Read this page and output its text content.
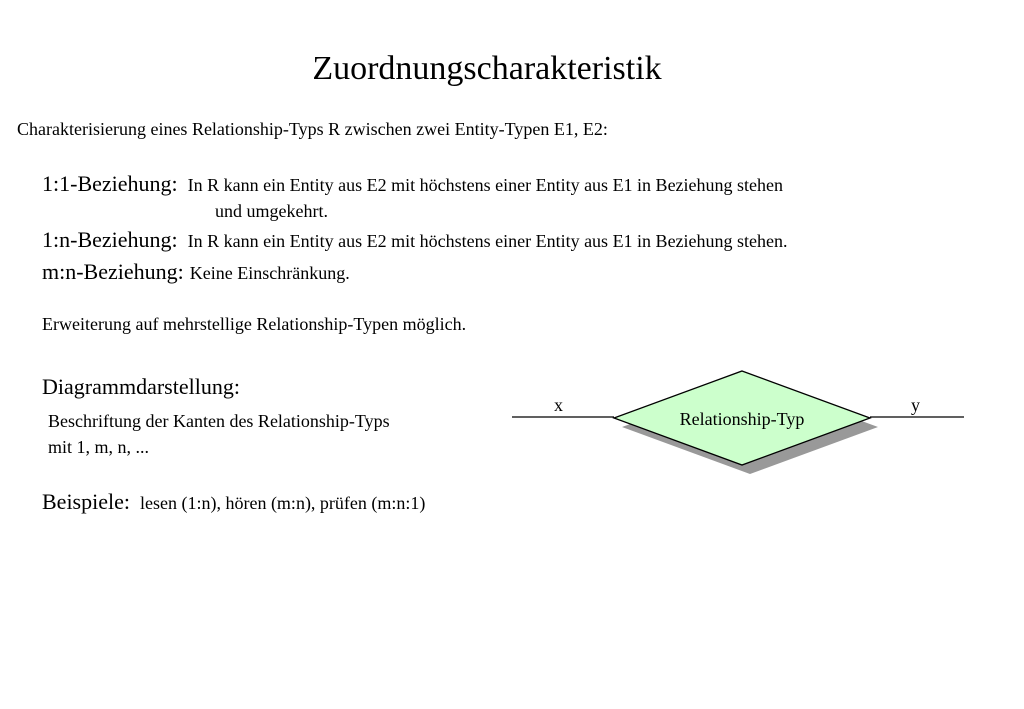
Zuordnungscharakteristik
Charakterisierung eines Relationship-Typs R zwischen zwei Entity-Typen E1, E2:
1:1-Beziehung: In R kann ein Entity aus E2 mit höchstens einer Entity aus E1 in Beziehung stehen
und umgekehrt.
1:n-Beziehung: In R kann ein Entity aus E2 mit höchstens einer Entity aus E1 in Beziehung stehen.
m:n-Beziehung: Keine Einschränkung.
Erweiterung auf mehrstellige Relationship-Typen möglich.
Diagrammdarstellung:
Beschriftung der Kanten des Relationship-Typs
mit 1, m, n, ...
x	y
Relationship-Typ
Beispiele: lesen (1:n), hören (m:n), prüfen (m:n:1)
